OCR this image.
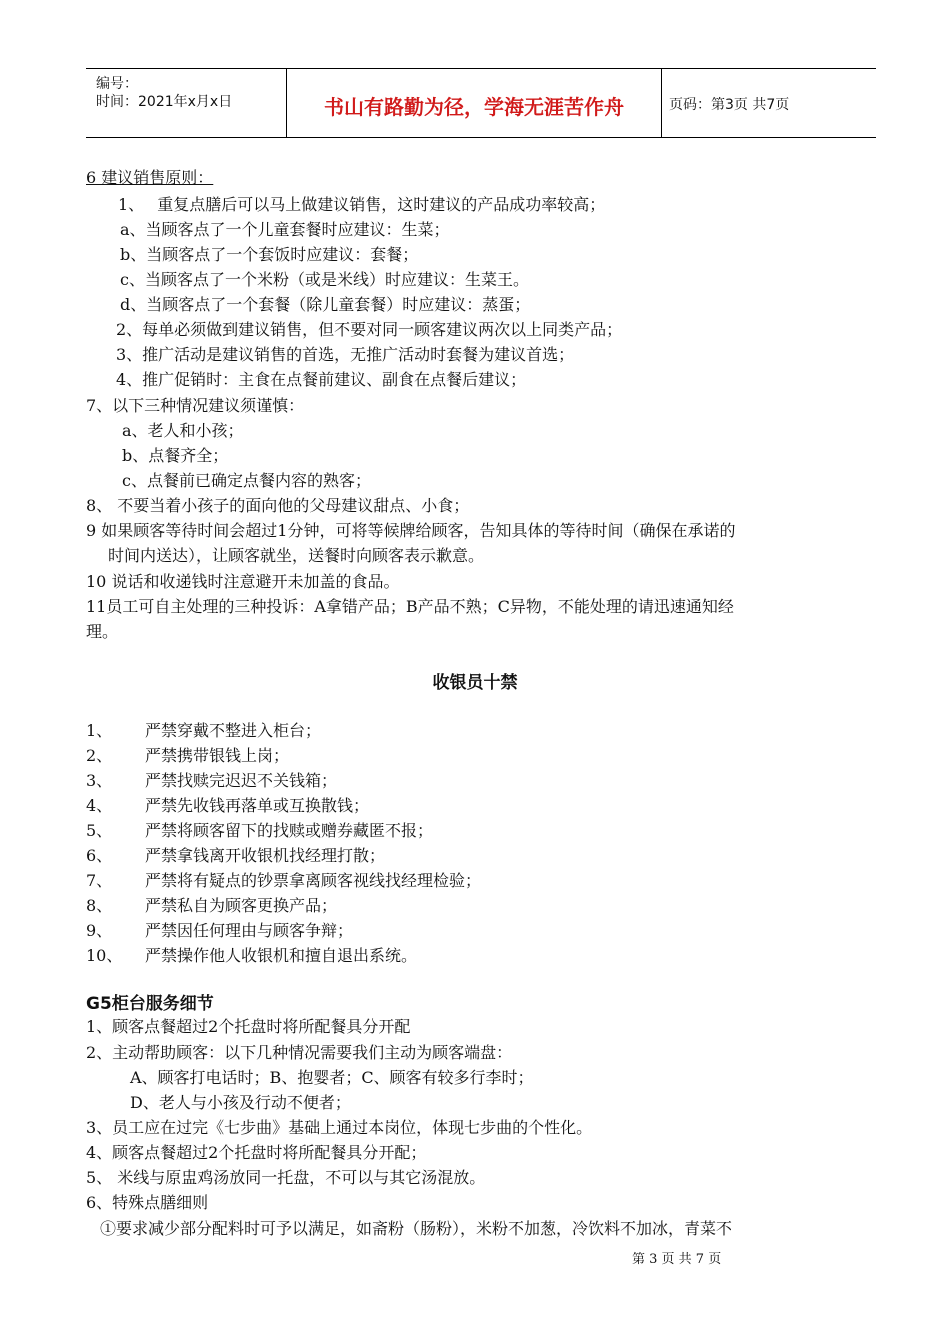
编号：
时间：2021年x月x日	书山有路勤为径，学海无涯苦作舟	页码：第3页 共7页
6 建议销售原则：
1、　 重复点膳后可以马上做建议销售，这时建议的产品成功率较高；
a、当顾客点了一个儿童套餐时应建议：生菜；
b、当顾客点了一个套饭时应建议：套餐；
c、当顾客点了一个米粉（或是米线）时应建议：生菜王。
d、当顾客点了一个套餐（除儿童套餐）时应建议：蒸蛋；
2、每单必须做到建议销售，但不要对同一顾客建议两次以上同类产品；
3、推广活动是建议销售的首选，无推广活动时套餐为建议首选；
4、推广促销时：主食在点餐前建议、副食在点餐后建议；
7、以下三种情况建议须谨慎：
a、老人和小孩；
b、点餐齐全；
c、点餐前已确定点餐内容的熟客；
8、 不要当着小孩子的面向他的父母建议甜点、小食；
9 如果顾客等待时间会超过1分钟，可将等候牌给顾客，告知具体的等待时间（确保在承诺的
时间内送达），让顾客就坐，送餐时向顾客表示歉意。
10 说话和收递钱时注意避开未加盖的食品。
11员工可自主处理的三种投诉：A拿错产品；B产品不熟；C异物，不能处理的请迅速通知经
理。
收银员十禁
1、 严禁穿戴不整进入柜台；
2、 严禁携带银钱上岗；
3、 严禁找赎完迟迟不关钱箱；
4、 严禁先收钱再落单或互换散钱；
5、 严禁将顾客留下的找赎或赠券藏匿不报；
6、 严禁拿钱离开收银机找经理打散；
7、 严禁将有疑点的钞票拿离顾客视线找经理检验；
8、 严禁私自为顾客更换产品；
9、 严禁因任何理由与顾客争辩；
10、 严禁操作他人收银机和擅自退出系统。
G5柜台服务细节
1、顾客点餐超过2个托盘时将所配餐具分开配
2、主动帮助顾客：以下几种情况需要我们主动为顾客端盘：
A、顾客打电话时；B、抱婴者；C、顾客有较多行李时；
D、老人与小孩及行动不便者；
3、员工应在过完《七步曲》基础上通过本岗位，体现七步曲的个性化。
4、顾客点餐超过2个托盘时将所配餐具分开配；
5、 米线与原盅鸡汤放同一托盘，不可以与其它汤混放。
6、特殊点膳细则
①要求减少部分配料时可予以满足，如斋粉（肠粉），米粉不加葱，冷饮料不加冰，青菜不
第 3 页 共 7 页
